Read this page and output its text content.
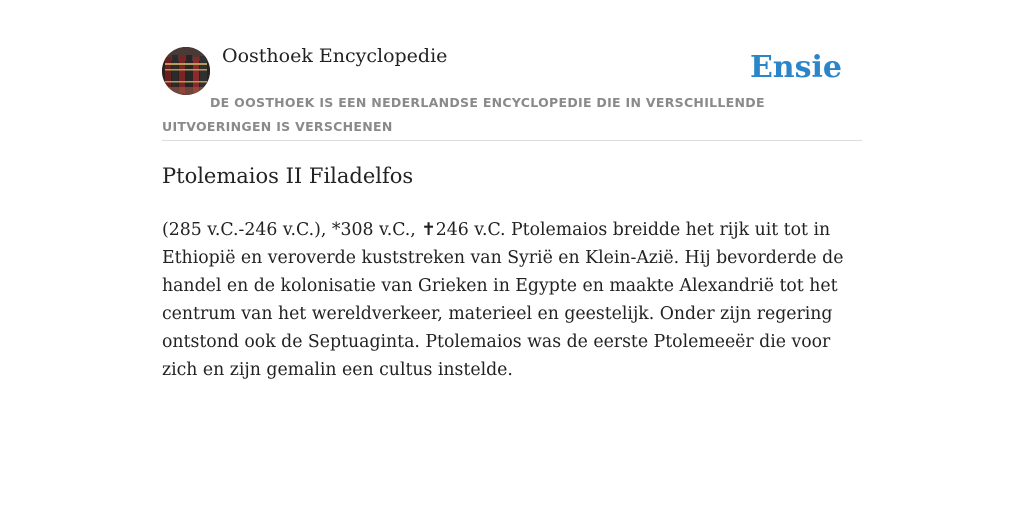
Oosthoek Encyclopedie	Ensie
DE OOSTHOEK IS EEN NEDERLANDSE ENCYCLOPEDIE DIE IN VERSCHILLENDE UITVOERINGEN IS VERSCHENEN
Ptolemaios II Filadelfos

(285 v.C.-246 v.C.), *308 v.C., ✝246 v.C. Ptolemaios breidde het rijk uit tot in Ethiopië en veroverde kuststreken van Syrië en Klein-Azië. Hij bevorderde de handel en de kolonisatie van Grieken in Egypte en maakte Alexandrië tot het centrum van het wereldverkeer, materieel en geestelijk. Onder zijn regering ontstond ook de Septuaginta. Ptolemaios was de eerste Ptolemeeër die voor zich en zijn gemalin een cultus instelde.
